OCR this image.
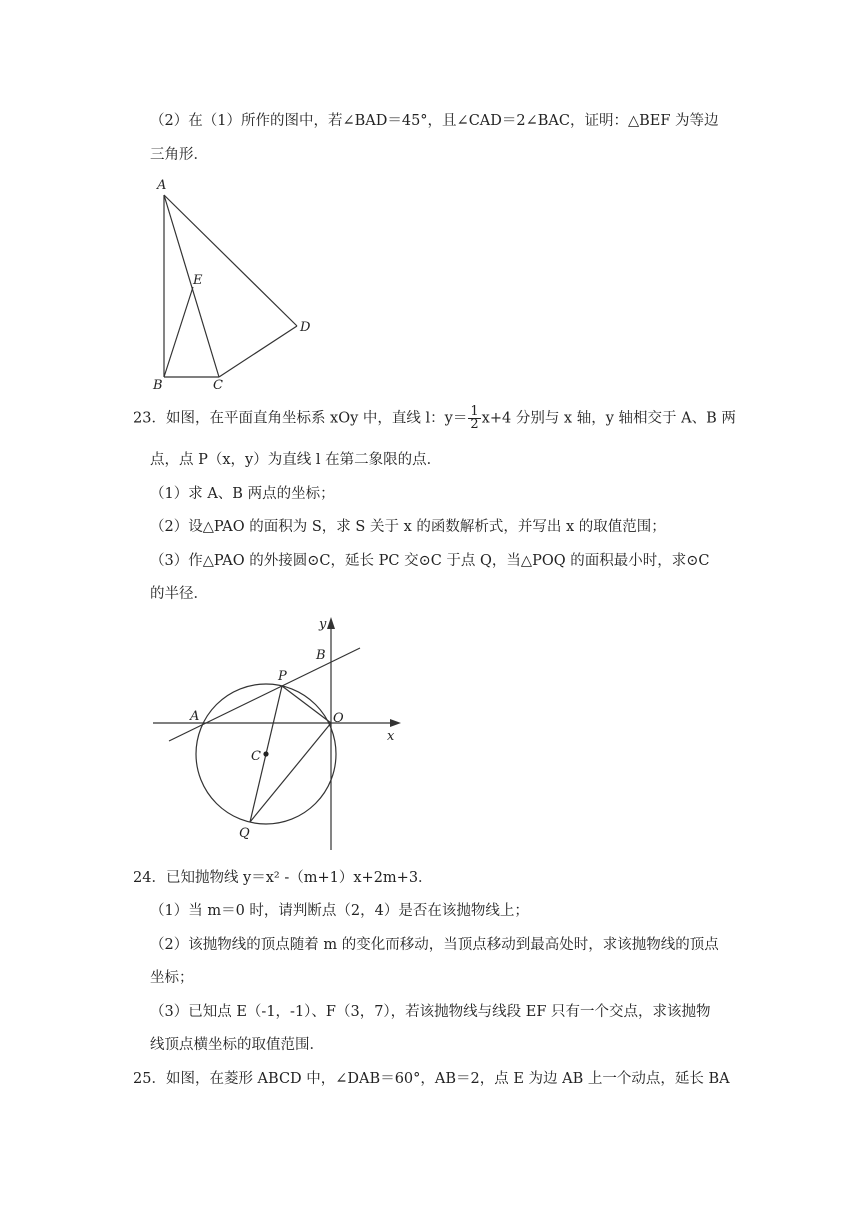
（2）在（1）所作的图中，若∠BAD＝45°，且∠CAD＝2∠BAC，证明：△BEF 为等边
三角形．
A
E
D
B	C
23．如图，在平面直角坐标系 xOy 中，直线 l：$y= \frac{1}{2} x+4$ 分别与 x 轴，y 轴相交于 A、B 两
点，点 P（x，y）为直线 l 在第二象限的点．
（1）求 A、B 两点的坐标；
（2）设△PAO 的面积为 S，求 S 关于 x 的函数解析式，并写出 x 的取值范围；
（3）作△PAO 的外接圆⊙C，延长 PC 交⊙C 于点 Q，当△POQ 的面积最小时，求⊙C
的半径．
y
B
P
A	O
x
C
Q
24．已知抛物线 y＝x² -（m+1）x+2m+3．
（1）当 m＝0 时，请判断点（2，4）是否在该抛物线上；
（2）该抛物线的顶点随着 m 的变化而移动，当顶点移动到最高处时，求该抛物线的顶点
坐标；
（3）已知点 E（-1，-1）、F（3，7），若该抛物线与线段 EF 只有一个交点，求该抛物
线顶点横坐标的取值范围．
25．如图，在菱形 ABCD 中，∠DAB＝60°，AB＝2，点 E 为边 AB 上一个动点，延长 BA
